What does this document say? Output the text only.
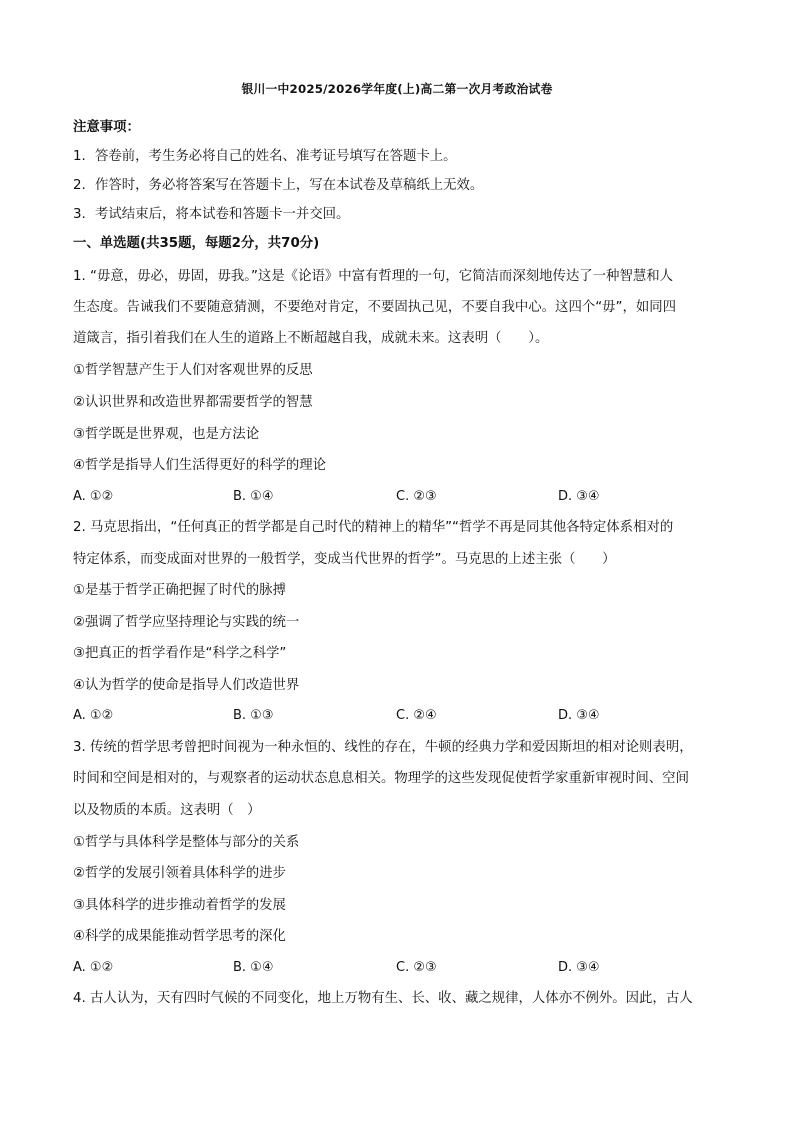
银川一中2025/2026学年度(上)高二第一次月考政治试卷
注意事项：
1. 答卷前，考生务必将自己的姓名、准考证号填写在答题卡上。
2. 作答时，务必将答案写在答题卡上，写在本试卷及草稿纸上无效。
3. 考试结束后，将本试卷和答题卡一并交回。
一、单选题(共35题，每题2分，共70分)
1. “毋意，毋必，毋固，毋我。”这是《论语》中富有哲理的一句，它简洁而深刻地传达了一种智慧和人
生态度。告诫我们不要随意猜测，不要绝对肯定，不要固执己见，不要自我中心。这四个“毋”，如同四
道箴言，指引着我们在人生的道路上不断超越自我，成就未来。这表明（　　）。
①哲学智慧产生于人们对客观世界的反思
②认识世界和改造世界都需要哲学的智慧
③哲学既是世界观，也是方法论
④哲学是指导人们生活得更好的科学的理论
A. ①②	B. ①④	C. ②③	D. ③④
2. 马克思指出，“任何真正的哲学都是自己时代的精神上的精华”“哲学不再是同其他各特定体系相对的
特定体系，而变成面对世界的一般哲学，变成当代世界的哲学”。马克思的上述主张（　　）
①是基于哲学正确把握了时代的脉搏
②强调了哲学应坚持理论与实践的统一
③把真正的哲学看作是“科学之科学”
④认为哲学的使命是指导人们改造世界
A. ①②	B. ①③	C. ②④	D. ③④
3. 传统的哲学思考曾把时间视为一种永恒的、线性的存在，牛顿的经典力学和爱因斯坦的相对论则表明，
时间和空间是相对的，与观察者的运动状态息息相关。物理学的这些发现促使哲学家重新审视时间、空间
以及物质的本质。这表明（　）
①哲学与具体科学是整体与部分的关系
②哲学的发展引领着具体科学的进步
③具体科学的进步推动着哲学的发展
④科学的成果能推动哲学思考的深化
A. ①②	B. ①④	C. ②③	D. ③④
4. 古人认为，天有四时气候的不同变化，地上万物有生、长、收、藏之规律，人体亦不例外。因此，古人
